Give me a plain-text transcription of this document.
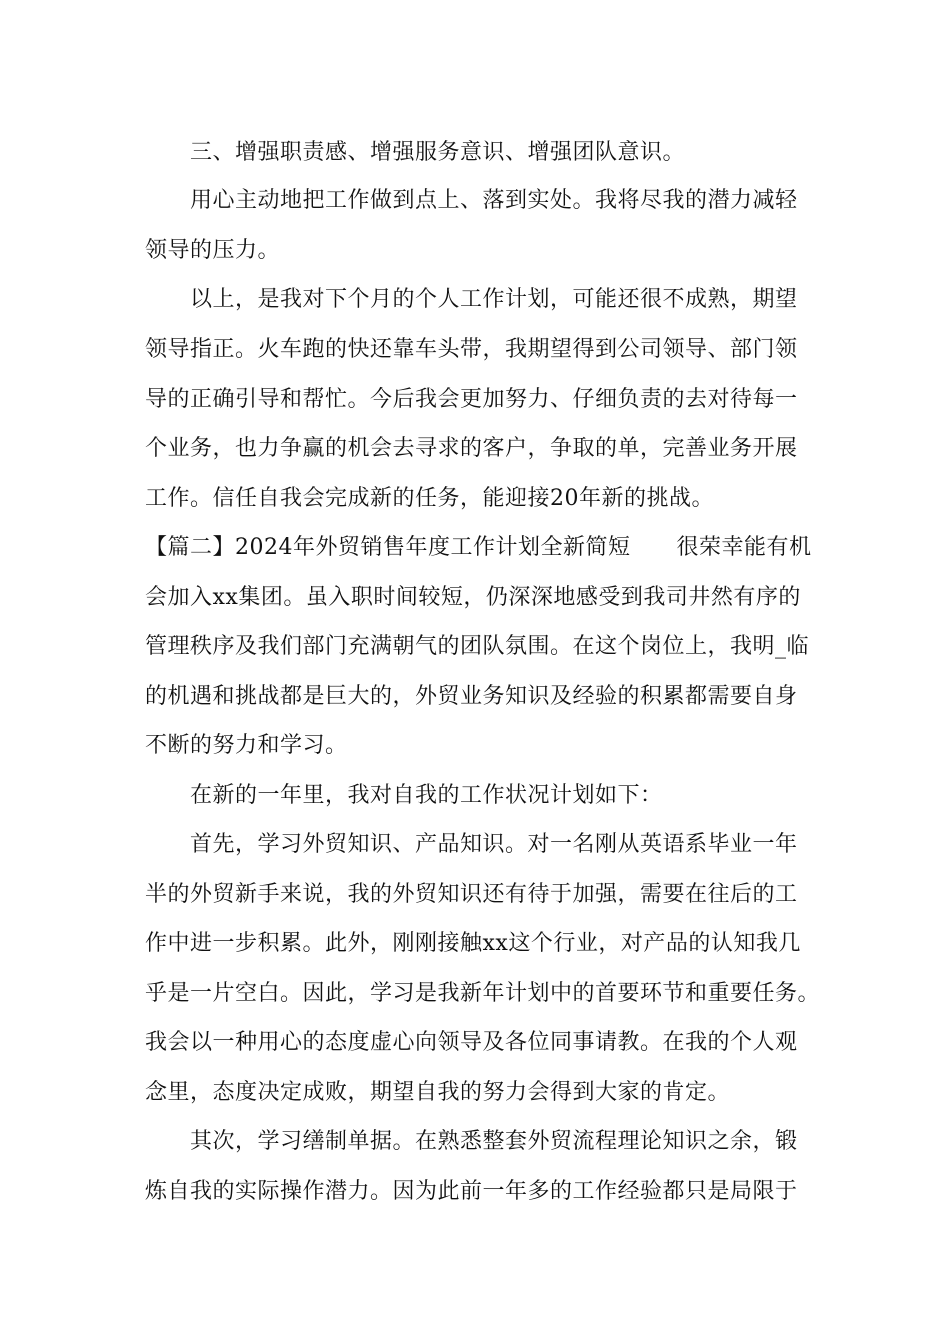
三、增强职责感、增强服务意识、增强团队意识。
用心主动地把工作做到点上、落到实处。我将尽我的潜力减轻
领导的压力。
以上，是我对下个月的个人工作计划，可能还很不成熟，期望
领导指正。火车跑的快还靠车头带，我期望得到公司领导、部门领
导的正确引导和帮忙。今后我会更加努力、仔细负责的去对待每一
个业务，也力争赢的机会去寻求的客户，争取的单，完善业务开展
工作。信任自我会完成新的任务，能迎接20年新的挑战。
【篇二】2024年外贸销售年度工作计划全新简短 很荣幸能有机
会加入xx集团。虽入职时间较短，仍深深地感受到我司井然有序的
管理秩序及我们部门充满朝气的团队氛围。在这个岗位上，我明_临
的机遇和挑战都是巨大的，外贸业务知识及经验的积累都需要自身
不断的努力和学习。
在新的一年里，我对自我的工作状况计划如下：
首先，学习外贸知识、产品知识。对一名刚从英语系毕业一年
半的外贸新手来说，我的外贸知识还有待于加强，需要在往后的工
作中进一步积累。此外，刚刚接触xx这个行业，对产品的认知我几
乎是一片空白。因此，学习是我新年计划中的首要环节和重要任务。
我会以一种用心的态度虚心向领导及各位同事请教。在我的个人观
念里，态度决定成败，期望自我的努力会得到大家的肯定。
其次，学习缮制单据。在熟悉整套外贸流程理论知识之余，锻
炼自我的实际操作潜力。因为此前一年多的工作经验都只是局限于
